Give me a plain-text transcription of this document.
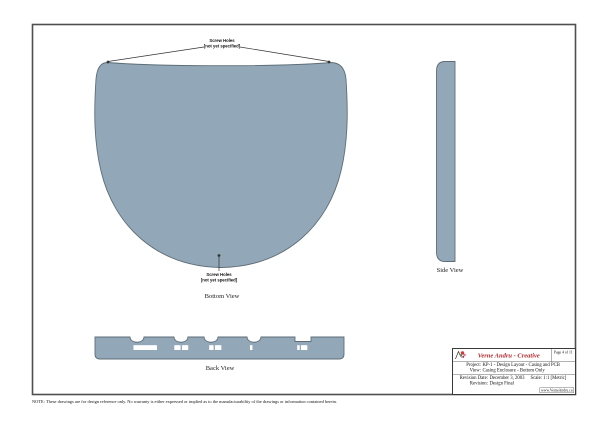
Screw Holes
[not yet specified]
Screw Holes
[not yet specified]
Bottom View
Side View
Back View
████████████	███ ███	██ ███	█	█ ███
Verne Andru - Creative	Page 4 of 11
Project: KP-1 - Design Layout - Casing and PCB
View: Casing Enclosure - Bottom Only
Revision Date: December 3, 2003 Scale: 1:1 [Metric]
Revision: Design Final
www.VerneAndru.ca
NOTE: These drawings are for design reference only. No warranty is either expressed or implied as to the manufacturability of the drawings or information contained herein.
